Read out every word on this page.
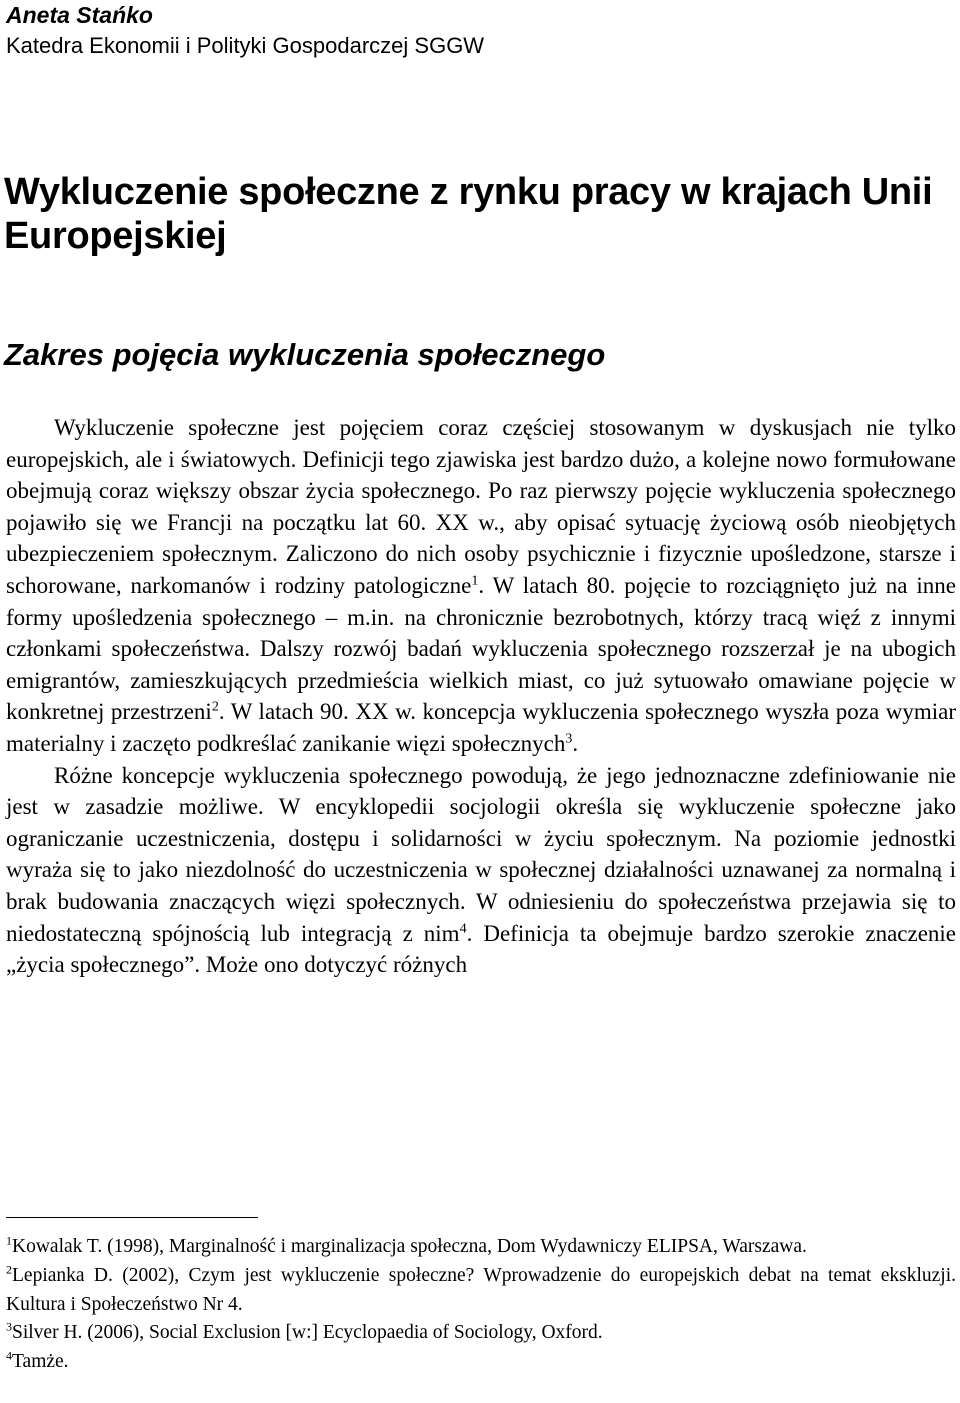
Aneta Stańko
Katedra Ekonomii i Polityki Gospodarczej SGGW
Wykluczenie społeczne z rynku pracy w krajach Unii Europejskiej
Zakres pojęcia wykluczenia społecznego

Wykluczenie społeczne jest pojęciem coraz częściej stosowanym w dyskusjach nie tylko europejskich, ale i światowych. Definicji tego zjawiska jest bardzo dużo, a kolejne nowo formułowane obejmują coraz większy obszar życia społecznego. Po raz pierwszy pojęcie wykluczenia społecznego pojawiło się we Francji na początku lat 60. XX w., aby opisać sytuację życiową osób nieobjętych ubezpieczeniem społecznym. Zaliczono do nich osoby psychicznie i fizycznie upośledzone, starsze i schorowane, narkomanów i rodziny patologiczne$^1$. W latach 80. pojęcie to rozciągnięto już na inne formy upośledzenia społecznego – m.in. na chronicznie bezrobotnych, którzy tracą więź z innymi członkami społeczeństwa. Dalszy rozwój badań wykluczenia społecznego rozszerzał je na ubogich emigrantów, zamieszkujących przedmieścia wielkich miast, co już sytuowało omawiane pojęcie w konkretnej przestrzeni$^2$. W latach 90. XX w. koncepcja wykluczenia społecznego wyszła poza wymiar materialny i zaczęto podkreślać zanikanie więzi społecznych$^3$.

Różne koncepcje wykluczenia społecznego powodują, że jego jednoznaczne zdefiniowanie nie jest w zasadzie możliwe. W encyklopedii socjologii określa się wykluczenie społeczne jako ograniczanie uczestniczenia, dostępu i solidarności w życiu społecznym. Na poziomie jednostki wyraża się to jako niezdolność do uczestniczenia w społecznej działalności uznawanej za normalną i brak budowania znaczących więzi społecznych. W odniesieniu do społeczeństwa przejawia się to niedostateczną spójnością lub integracją z nim$^4$. Definicja ta obejmuje bardzo szerokie znaczenie „życia społecznego”. Może ono dotyczyć różnych

$^1$Kowalak T. (1998), Marginalność i marginalizacja społeczna, Dom Wydawniczy ELIPSA, Warszawa.

$^2$Lepianka D. (2002), Czym jest wykluczenie społeczne? Wprowadzenie do europejskich debat na temat ekskluzji. Kultura i Społeczeństwo Nr 4.

$^3$Silver H. (2006), Social Exclusion [w:] Ecyclopaedia of Sociology, Oxford.

$^4$Tamże.
